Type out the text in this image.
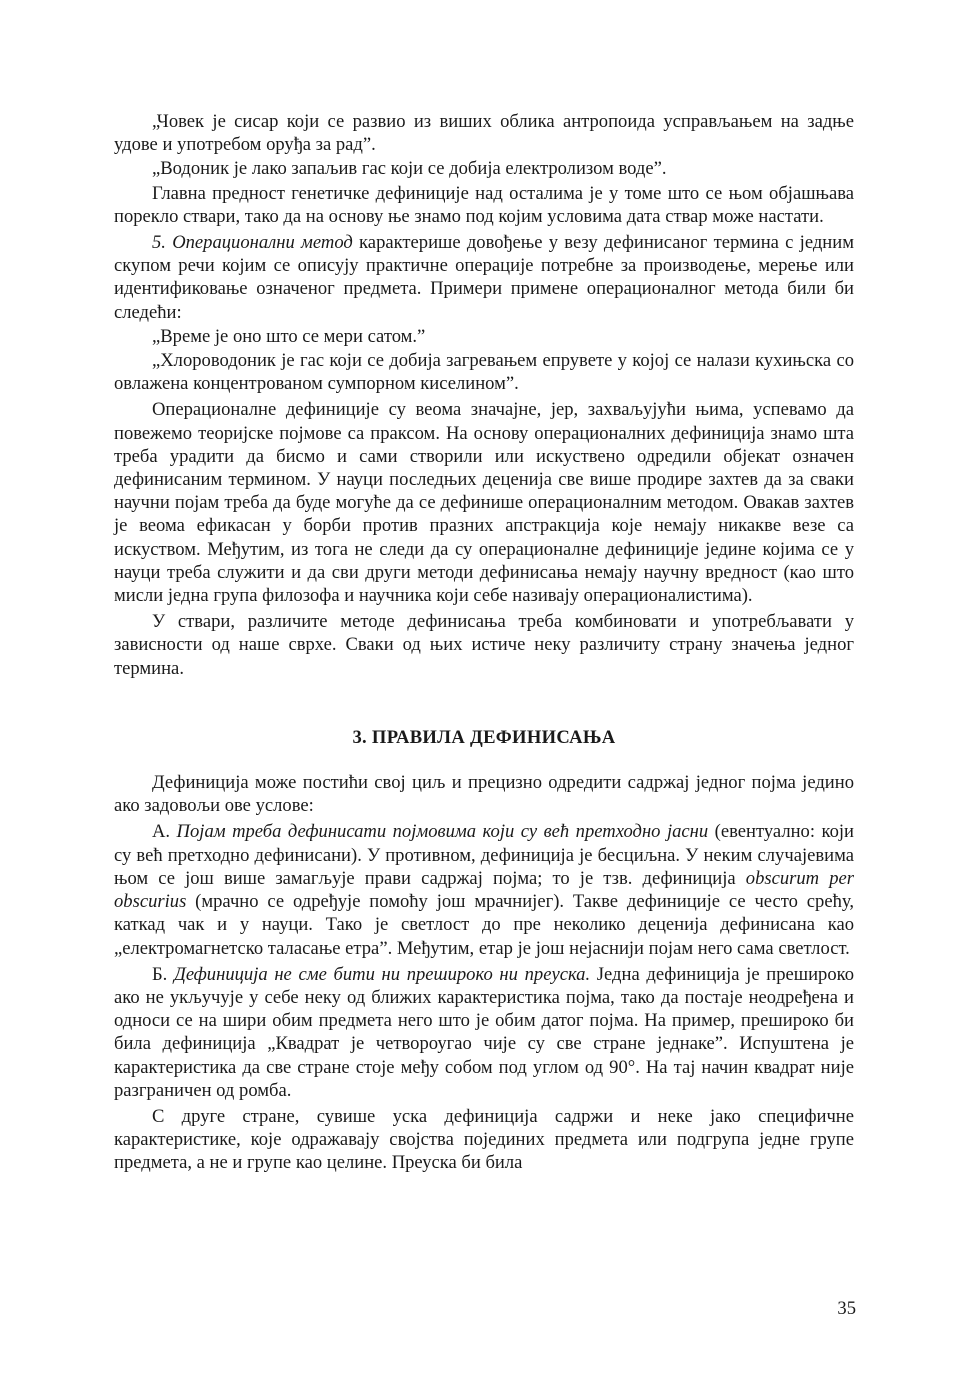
„Човек је сисар који се развио из виших облика антропоида усправљањем на задње удове и употребом оруђа за рад”.

„Водоник је лако запаљив гас који се добија електролизом воде”.

Главна предност генетичке дефиниције над осталима је у томе што се њом објашњава порекло ствари, тако да на основу ње знамо под којим условима дата ствар може настати.

5. Операционални метод карактерише довођење у везу дефинисаног термина с једним скупом речи којим се описују практичне операције потребне за производење, мерење или идентификовање означеног предмета. Примери примене операционалног метода били би следећи:

„Време је оно што се мери сатом.”

„Хлороводоник је гас који се добија загревањем епрувете у којој се налази кухињска со овлажена концентрованом сумпорном киселином”.

Операционалне дефиниције су веома значајне, јер, захваљујући њима, успевамо да повежемо теоријске појмове са праксом. На основу операционалних дефиниција знамо шта треба урадити да бисмо и сами створили или искуствено одредили објекат означен дефинисаним термином. У науци последњих деценија све више продире захтев да за сваки научни појам треба да буде могуће да се дефинише операционалним методом. Овакав захтев је веома ефикасан у борби против празних апстракција које немају никакве везе са искуством. Међутим, из тога не следи да су операционалне дефиниције једине којима се у науци треба служити и да сви други методи дефинисања немају научну вредност (као што мисли једна група филозофа и научника који себе називају операционалистима).

У ствари, различите методе дефинисања треба комбиновати и употребљавати у зависности од наше сврхе. Сваки од њих истиче неку различиту страну значења једног термина.

3. ПРАВИЛА ДЕФИНИСАЊА

Дефиниција може постићи свој циљ и прецизно одредити садржај једног појма једино ако задовољи ове услове:

А. Појам треба дефинисати појмовима који су већ претходно јасни (евентуално: који су већ претходно дефинисани). У противном, дефиниција је бесциљна. У неким случајевима њом се још више замагљује прави садржај појма; то је тзв. дефиниција obscurum per obscurius (мрачно се одређује помоћу још мрачнијег). Такве дефиниције се често срећу, каткад чак и у науци. Тако је светлост до пре неколико деценија дефинисана као „електромагнетско таласање етра”. Међутим, етар је још нејаснији појам него сама светлост.

Б. Дефиниција не сме бити ни прешироко ни преуска. Једна дефиниција је прешироко ако не укључује у себе неку од ближих карактеристика појма, тако да постаје неодређена и односи се на шири обим предмета него што је обим датог појма. На пример, прешироко би била дефиниција „Квадрат је четвороугао чије су све стране једнаке”. Испуштена је карактеристика да све стране стоје међу собом под углом од 90°. На тај начин квадрат није разграничен од ромба.

С друге стране, сувише уска дефиниција садржи и неке јако специфичне карактеристике, које одражавају својства појединих предмета или подгрупа једне групе предмета, а не и групе као целине. Преуска би била

35
